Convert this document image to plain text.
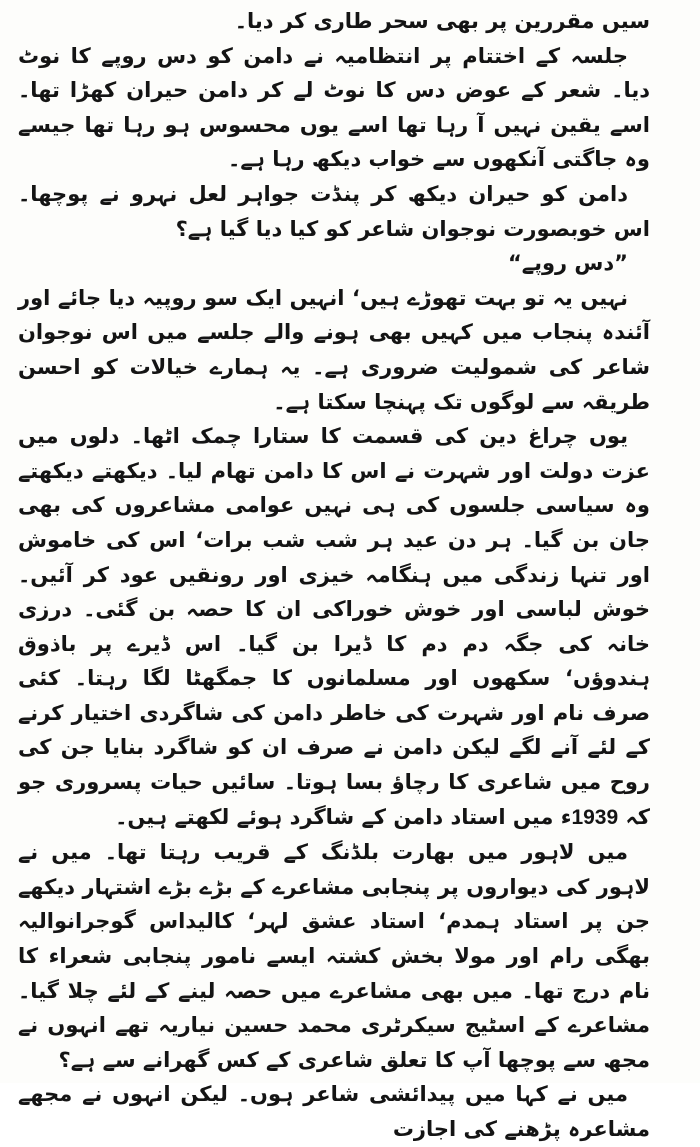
سیں مقررین پر بھی سحر طاری کر دیا۔

جلسہ کے اختتام پر انتظامیہ نے دامن کو دس روپے کا نوٹ دیا۔ شعر کے عوض دس کا نوٹ لے کر دامن حیران کھڑا تھا۔ اسے یقین نہیں آ رہا تھا اسے یوں محسوس ہو رہا تھا جیسے وہ جاگتی آنکھوں سے خواب دیکھ رہا ہے۔

دامن کو حیران دیکھ کر پنڈت جواہر لعل نہرو نے پوچھا۔ اس خوبصورت نوجوان شاعر کو کیا دیا گیا ہے؟

”دس روپے“

نہیں یہ تو بہت تھوڑے ہیں‘ انہیں ایک سو روپیہ دیا جائے اور آئندہ پنجاب میں کہیں بھی ہونے والے جلسے میں اس نوجوان شاعر کی شمولیت ضروری ہے۔ یہ ہمارے خیالات کو احسن طریقہ سے لوگوں تک پہنچا سکتا ہے۔

یوں چراغ دین کی قسمت کا ستارا چمک اٹھا۔ دلوں میں عزت دولت اور شہرت نے اس کا دامن تھام لیا۔ دیکھتے دیکھتے وہ سیاسی جلسوں کی ہی نہیں عوامی مشاعروں کی بھی جان بن گیا۔ ہر دن عید ہر شب شب برات‘ اس کی خاموش اور تنہا زندگی میں ہنگامہ خیزی اور رونقیں عود کر آئیں۔ خوش لباسی اور خوش خوراکی ان کا حصہ بن گئی۔ درزی خانہ کی جگہ دم دم کا ڈیرا بن گیا۔ اس ڈیرے پر باذوق ہندوؤں‘ سکھوں اور مسلمانوں کا جمگھٹا لگا رہتا۔ کئی صرف نام اور شہرت کی خاطر دامن کی شاگردی اختیار کرنے کے لئے آنے لگے لیکن دامن نے صرف ان کو شاگرد بنایا جن کی روح میں شاعری کا رچاؤ بسا ہوتا۔ سائیں حیات پسروری جو کہ 1939ء میں استاد دامن کے شاگرد ہوئے لکھتے ہیں۔

میں لاہور میں بھارت بلڈنگ کے قریب رہتا تھا۔ میں نے لاہور کی دیواروں پر پنجابی مشاعرے کے بڑے بڑے اشتہار دیکھے جن پر استاد ہمدم‘ استاد عشق لہر‘ کالیداس گوجرانوالیہ بھگی رام اور مولا بخش کشتہ ایسے نامور پنجابی شعراء کا نام درج تھا۔ میں بھی مشاعرے میں حصہ لینے کے لئے چلا گیا۔ مشاعرے کے اسٹیج سیکرٹری محمد حسین نیاریہ تھے انہوں نے مجھ سے پوچھا آپ کا تعلق شاعری کے کس گھرانے سے ہے؟

میں نے کہا میں پیدائشی شاعر ہوں۔ لیکن انہوں نے مجھے مشاعرہ پڑھنے کی اجازت
